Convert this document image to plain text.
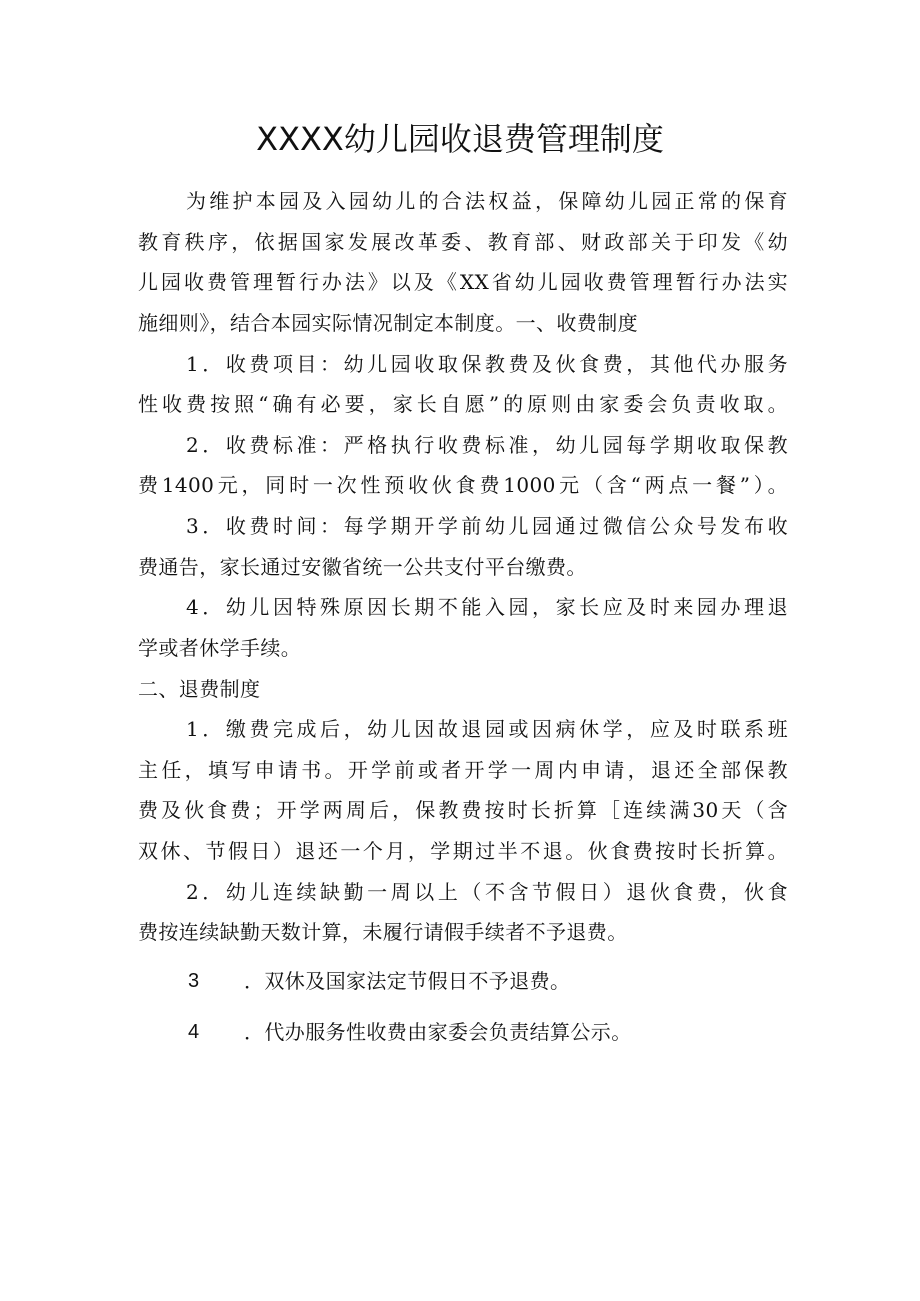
XXXX幼儿园收退费管理制度
为维护本园及入园幼儿的合法权益，保障幼儿园正常的保育
教育秩序，依据国家发展改革委、教育部、财政部关于印发《幼
儿园收费管理暂行办法》以及《XX省幼儿园收费管理暂行办法实
施细则》，结合本园实际情况制定本制度。一、收费制度
1．收费项目：幼儿园收取保教费及伙食费，其他代办服务
性收费按照“确有必要，家长自愿”的原则由家委会负责收取。
2．收费标准：严格执行收费标准，幼儿园每学期收取保教
费1400元，同时一次性预收伙食费1000元（含“两点一餐”）。
3．收费时间：每学期开学前幼儿园通过微信公众号发布收
费通告，家长通过安徽省统一公共支付平台缴费。
4．幼儿因特殊原因长期不能入园，家长应及时来园办理退
学或者休学手续。
二、退费制度
1．缴费完成后，幼儿因故退园或因病休学，应及时联系班
主任，填写申请书。开学前或者开学一周内申请，退还全部保教
费及伙食费；开学两周后，保教费按时长折算［连续满30天（含
双休、节假日）退还一个月，学期过半不退。伙食费按时长折算。
2．幼儿连续缺勤一周以上（不含节假日）退伙食费，伙食
费按连续缺勤天数计算，未履行请假手续者不予退费。
3	．双休及国家法定节假日不予退费。
4	．代办服务性收费由家委会负责结算公示。
